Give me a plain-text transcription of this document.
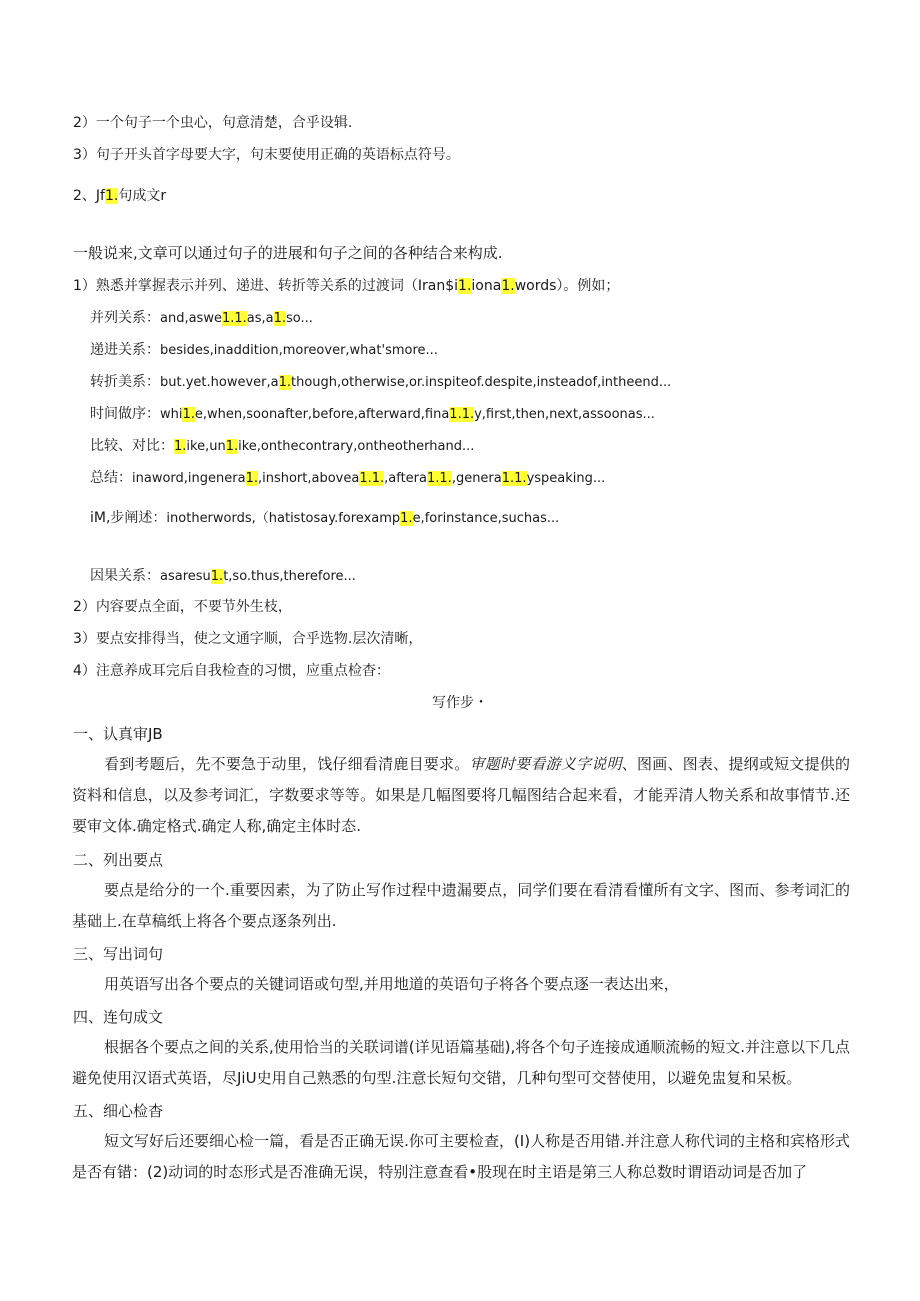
2）一个句子一个虫心，句意清楚，合乎设辑.
3）句子开头首字母要大字，句末要使用正确的英语标点符号。
2、Jf1.句成文r
一般说来,文章可以通过句子的进展和句子之间的各种结合来构成.
1）熟悉并掌握表示并列、递进、转折等关系的过渡词（Iran$i1.iona1.words）。例如；
并列关系：and,aswe1.1.as,a1.so...
递进关系：besides,inaddition,moreover,what'smore...
转折美系：but.yet.however,a1.though,otherwise,or.inspiteof.despite,insteadof,intheend...
时间做序：whi1.e,when,soonafter,before,afterward,fina1.1.y,first,then,next,assoonas...
比较、对比：1.ike,un1.ike,onthecontrary,ontheotherhand...
总结：inaword,ingenera1.,inshort,abovea1.1.,aftera1.1.,genera1.1.yspeaking...
iM,步阐述：inotherwords,（hatistosay.forexamp1.e,forinstance,suchas...
因果关系：asaresu1.t,so.thus,therefore...
2）内容要点全面，不要节外生枝，
3）要点安排得当，使之文通字顺，合乎选物.层次清晰，
4）注意养成耳完后自我检查的习惯，应重点检杳：
写作步・
一、认真审JB
看到考题后，先不要急于动里，饯仔细看清鹿目要求。审题时要看游义字说明、图画、图表、提纲或短文提供的资料和信息，以及参考词汇，字数要求等等。如果是几幅图要将几幅图结合起来看，才能弄清人物关系和故事情节.还要审文体.确定格式.确定人称,确定主体时态.
二、列出要点
要点是给分的一个.重要因素，为了防止写作过程中遗漏要点，同学们要在看清看懂所有文字、图而、参考词汇的基础上.在草稿纸上将各个要点逐条列出.
三、写出词句
用英语写出各个要点的关键词语或句型,并用地道的英语句子将各个要点逐一表达出来，
四、连句成文
根据各个要点之间的关系,使用恰当的关联词谱(详见语篇基础),将各个句子连接成通顺流畅的短文.并注意以下几点 避免使用汉语式英语，尽JiU史用自己熟悉的句型.注意长短句交错，几种句型可交替使用，以避免盅复和呆板。
五、细心检杳
短文写好后还要细心检一篇，看是否正确无误.你可主要检查，(I)人称是否用错.并注意人称代词的主格和宾格形式是否有错：(2)动词的时态形式是否准确无误，特别注意查看•股现在时主语是第三人称总数时谓语动词是否加了
